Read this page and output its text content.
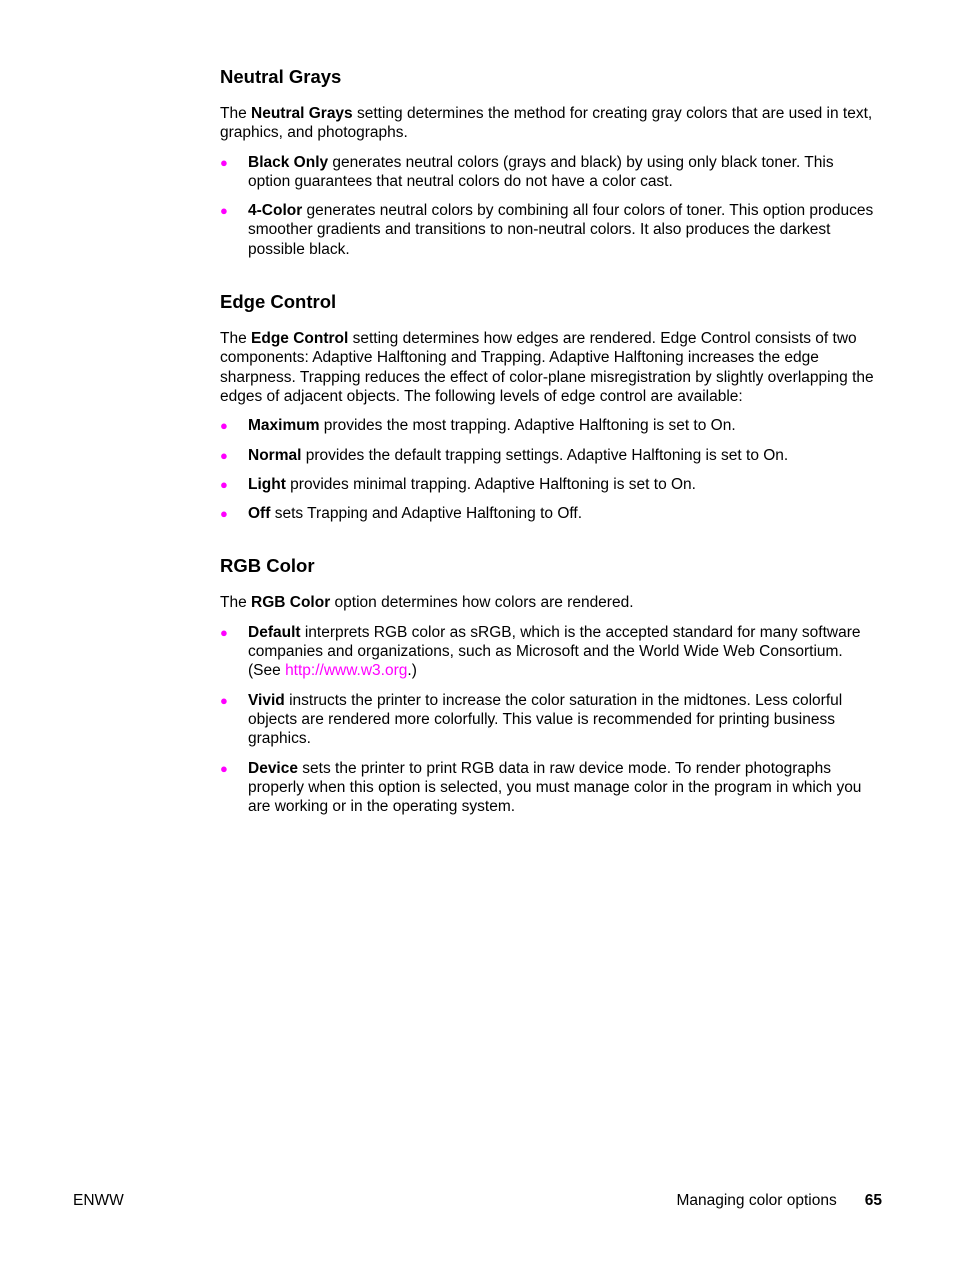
Neutral Grays

The Neutral Grays setting determines the method for creating gray colors that are used in text, graphics, and photographs.

● Black Only generates neutral colors (grays and black) by using only black toner. This option guarantees that neutral colors do not have a color cast.
● 4-Color generates neutral colors by combining all four colors of toner. This option produces smoother gradients and transitions to non-neutral colors. It also produces the darkest possible black.
Edge Control

The Edge Control setting determines how edges are rendered. Edge Control consists of two components: Adaptive Halftoning and Trapping. Adaptive Halftoning increases the edge sharpness. Trapping reduces the effect of color-plane misregistration by slightly overlapping the edges of adjacent objects. The following levels of edge control are available:

● Maximum provides the most trapping. Adaptive Halftoning is set to On.
● Normal provides the default trapping settings. Adaptive Halftoning is set to On.
● Light provides minimal trapping. Adaptive Halftoning is set to On.
● Off sets Trapping and Adaptive Halftoning to Off.
RGB Color

The RGB Color option determines how colors are rendered.

● Default interprets RGB color as sRGB, which is the accepted standard for many software companies and organizations, such as Microsoft and the World Wide Web Consortium. (See http://www.w3.org.)
● Vivid instructs the printer to increase the color saturation in the midtones. Less colorful objects are rendered more colorfully. This value is recommended for printing business graphics.
● Device sets the printer to print RGB data in raw device mode. To render photographs properly when this option is selected, you must manage color in the program in which you are working or in the operating system.
ENWW	Managing color options 65
